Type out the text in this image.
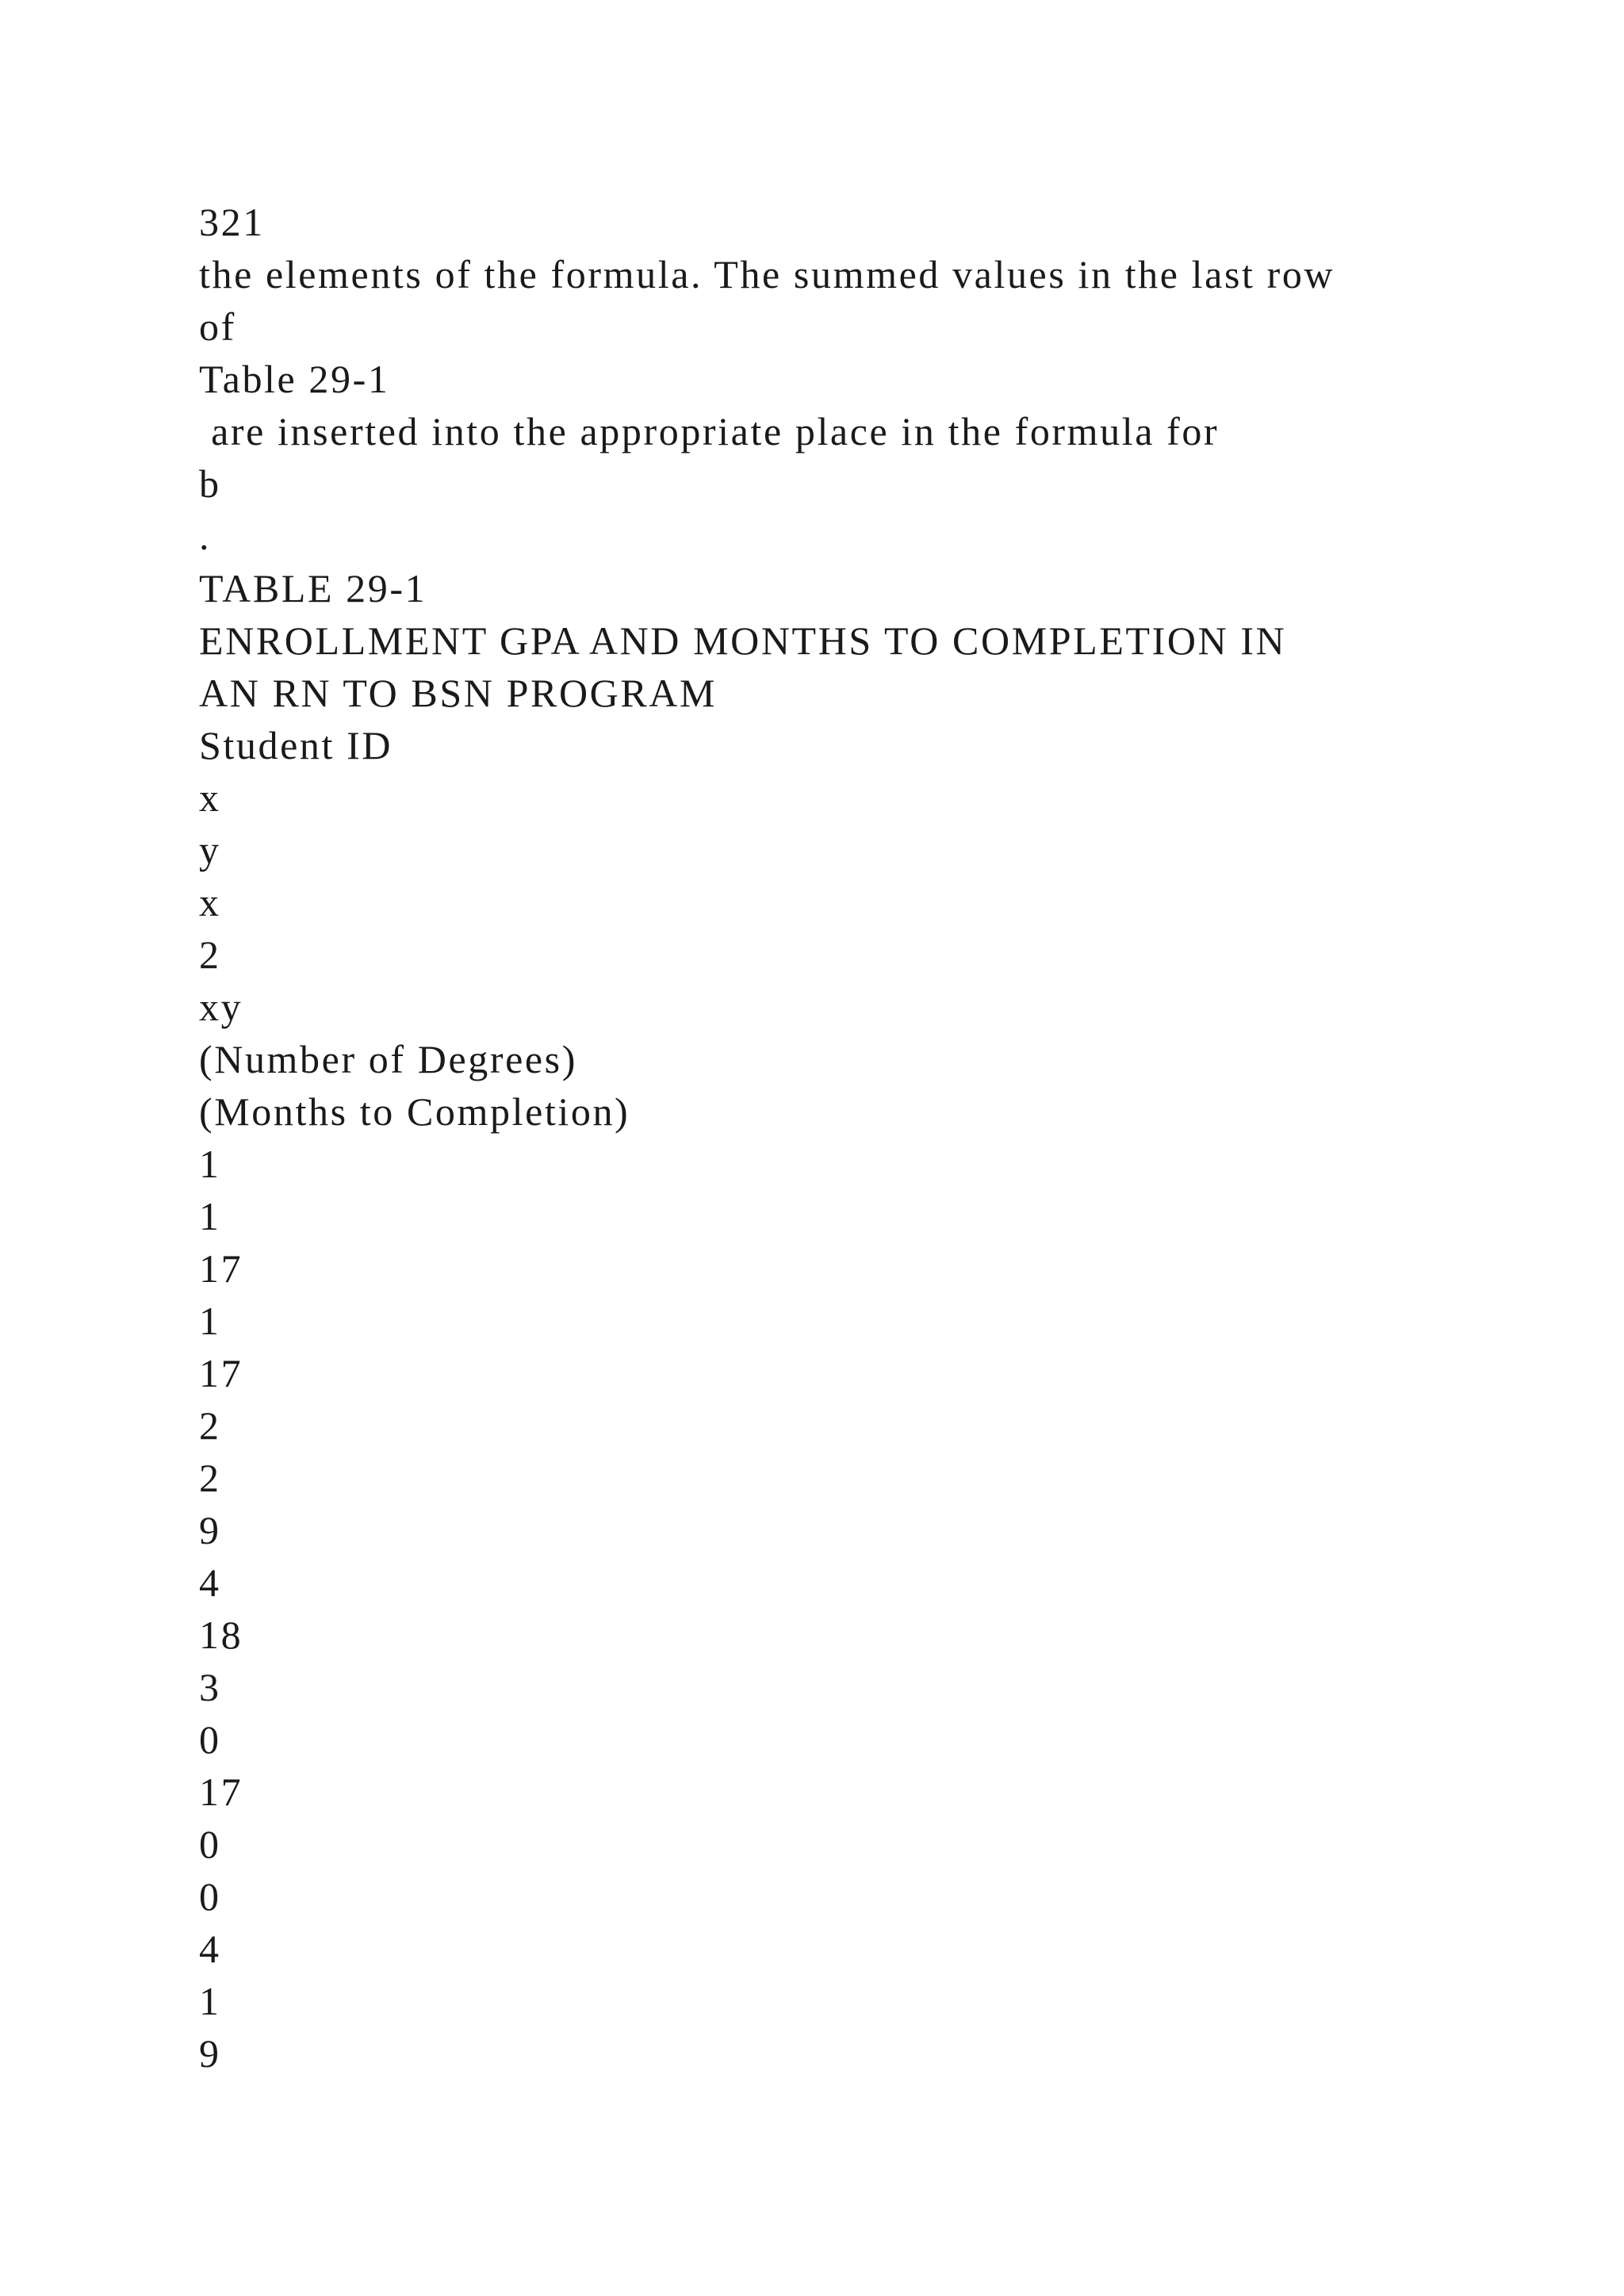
321
the elements of the formula. The summed values in the last row
of
Table 29-1
are inserted into the appropriate place in the formula for
b
.
TABLE 29-1
ENROLLMENT GPA AND MONTHS TO COMPLETION IN
AN RN TO BSN PROGRAM
Student ID
x
y
x
2
xy
(Number of Degrees)
(Months to Completion)
1
1
17
1
17
2
2
9
4
18
3
0
17
0
0
4
1
9
